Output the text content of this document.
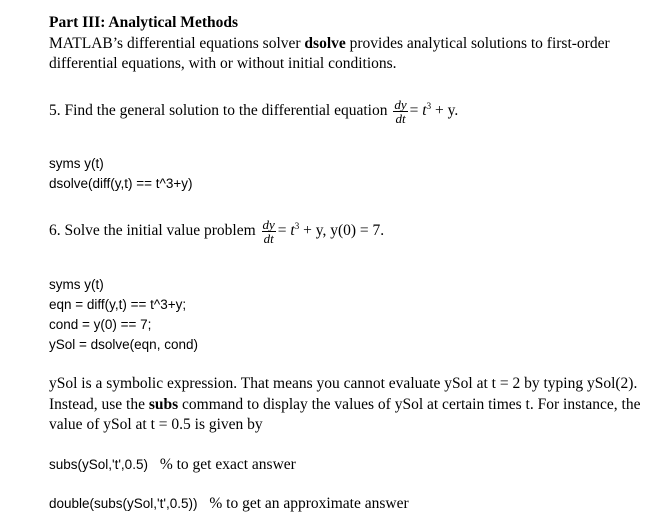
Part III: Analytical Methods
MATLAB’s differential equations solver dsolve provides analytical solutions to first-order
differential equations, with or without initial conditions.
5. Find the general solution to the differential equation $\frac{dy}{dt} = t^3 + y$.
syms y(t)
dsolve(diff(y,t) == t^3+y)
6. Solve the initial value problem $\frac{dy}{dt} = t^3 + y$, y(0) = 7.
syms y(t)
eqn = diff(y,t) == t^3+y;
cond = y(0) == 7;
ySol = dsolve(eqn, cond)
ySol is a symbolic expression. That means you cannot evaluate ySol at t = 2 by typing ySol(2).
Instead, use the subs command to display the values of ySol at certain times t. For instance, the
value of ySol at t = 0.5 is given by
subs(ySol,'t',0.5) % to get exact answer
double(subs(ySol,'t',0.5)) % to get an approximate answer
